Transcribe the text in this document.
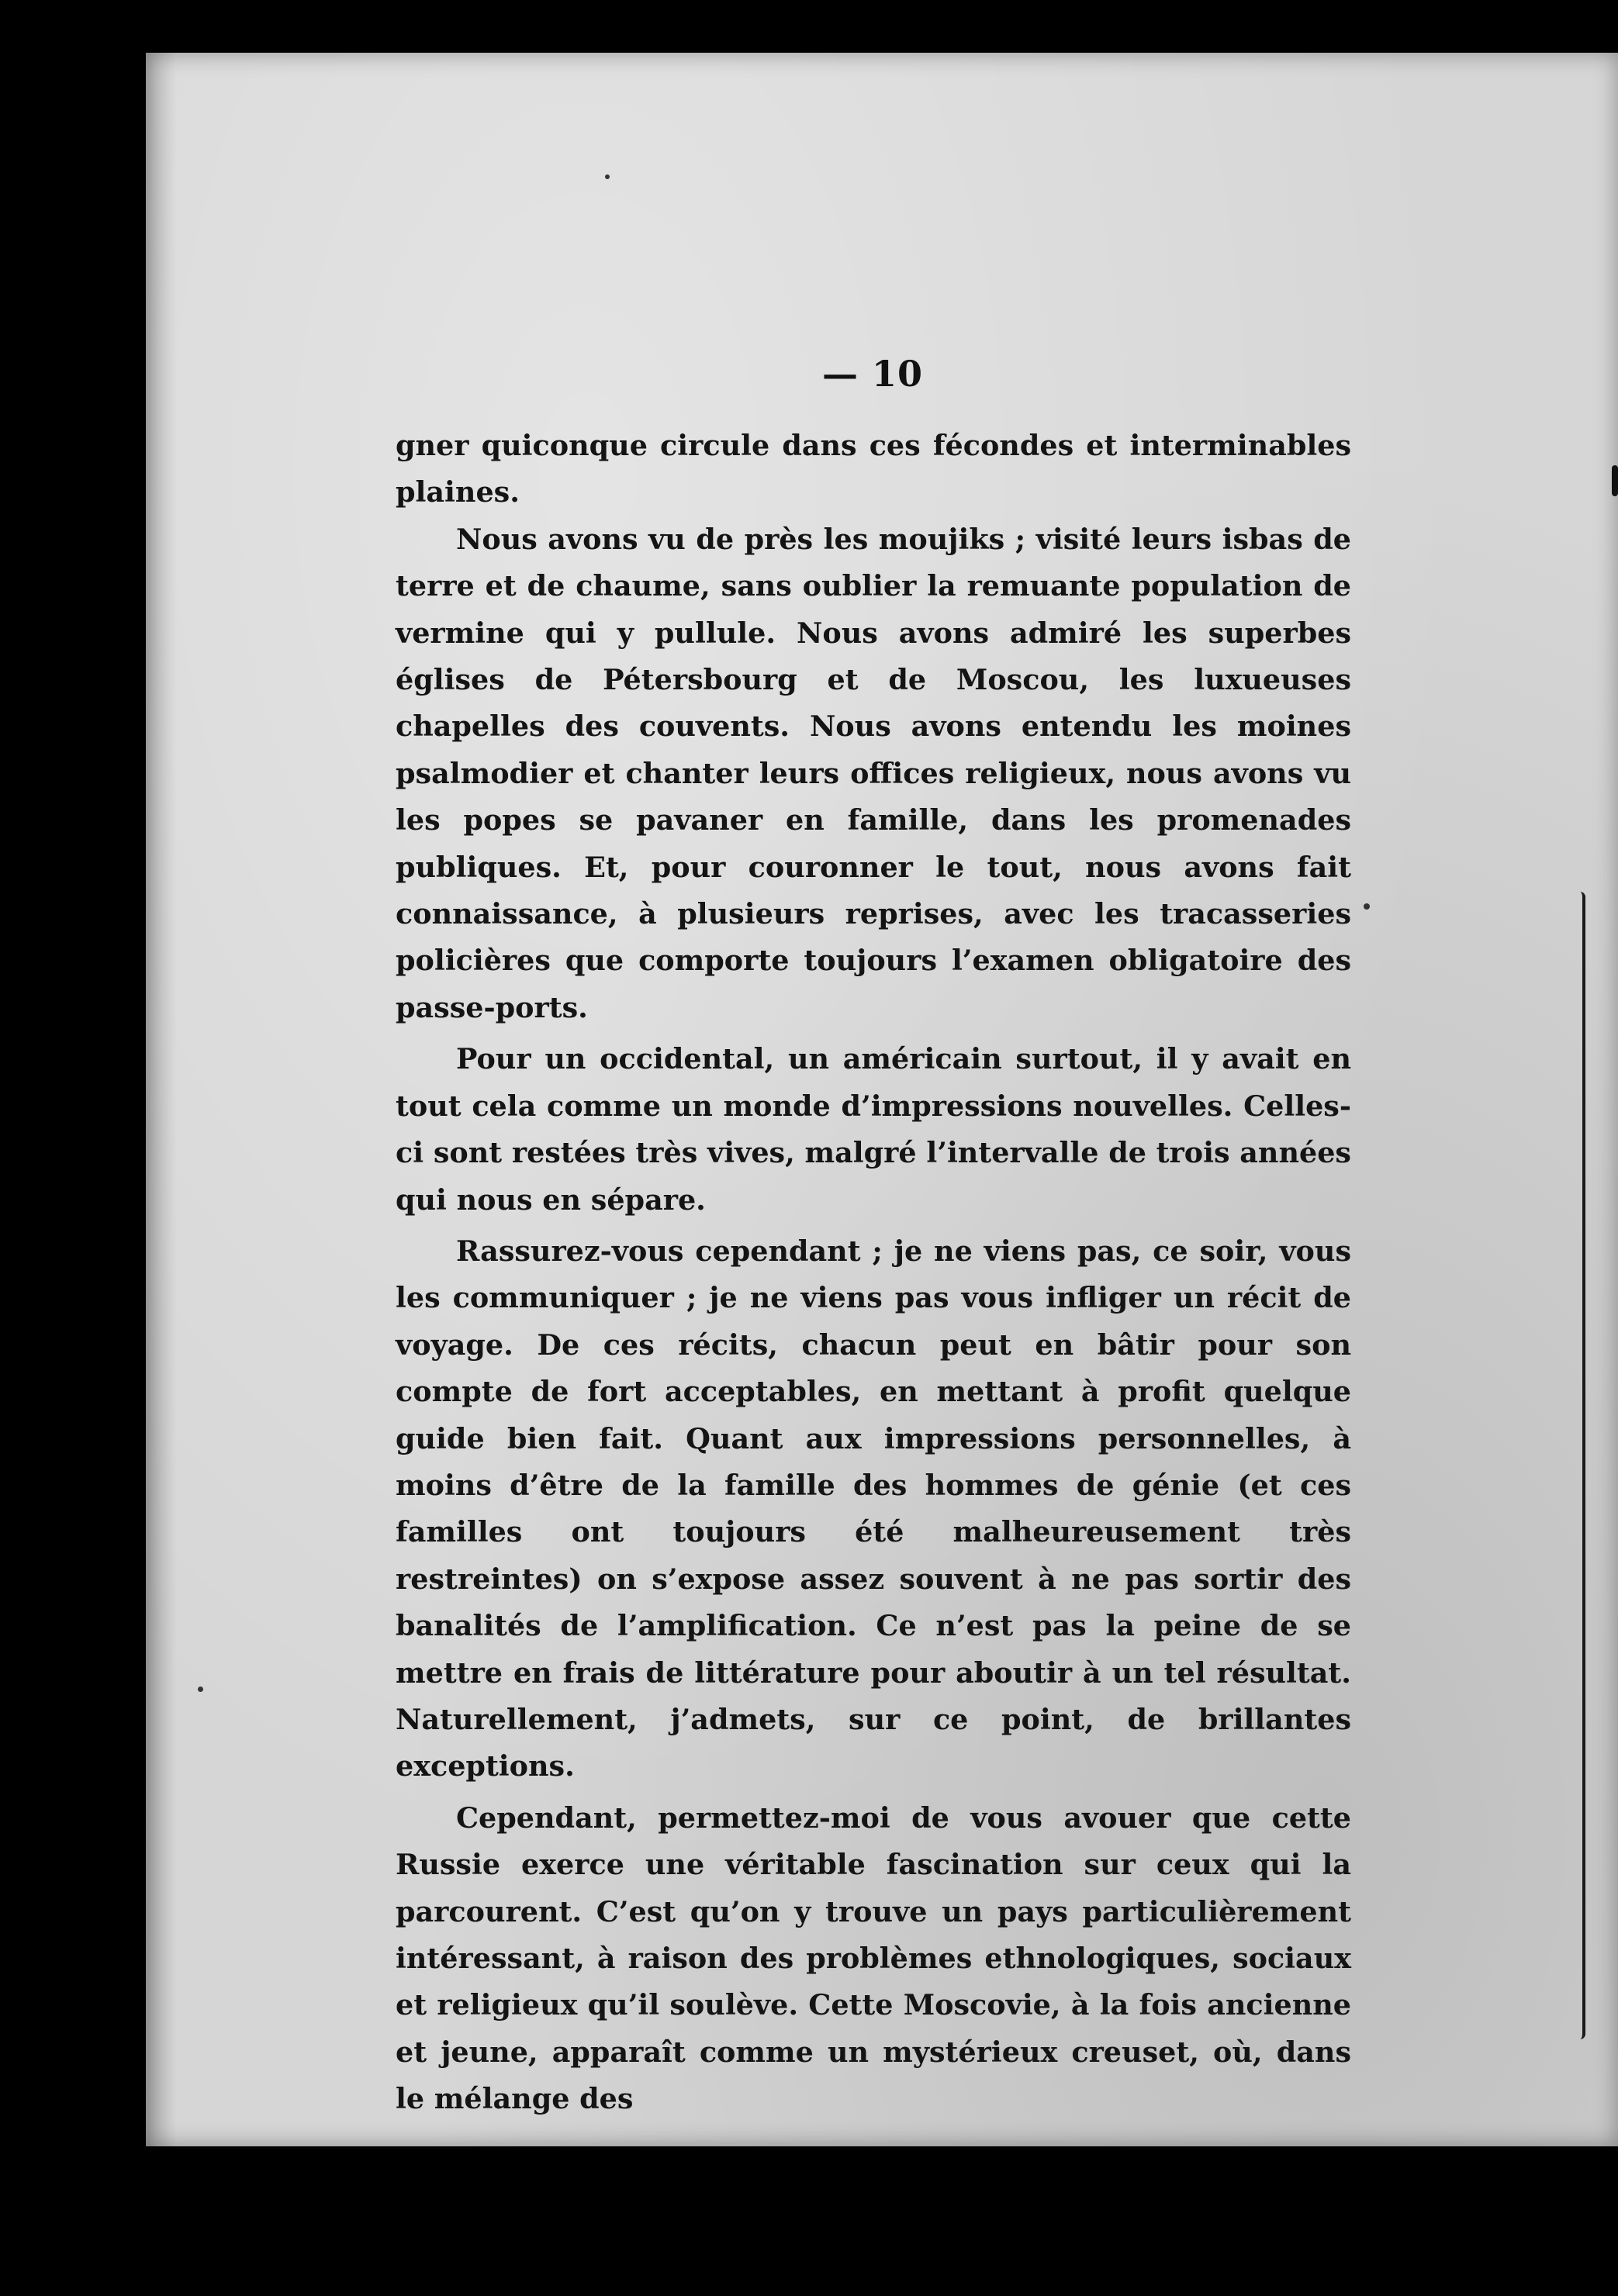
— 10

gner quiconque circule dans ces fécondes et interminables plaines.

Nous avons vu de près les moujiks ; visité leurs isbas de terre et de chaume, sans oublier la remuante population de vermine qui y pullule. Nous avons admiré les superbes églises de Pétersbourg et de Moscou, les luxueuses chapelles des couvents. Nous avons entendu les moines psalmodier et chanter leurs offices religieux, nous avons vu les popes se pavaner en famille, dans les promenades publiques. Et, pour couronner le tout, nous avons fait connaissance, à plusieurs reprises, avec les tracasseries policières que comporte toujours l’examen obligatoire des passe-ports.

Pour un occidental, un américain surtout, il y avait en tout cela comme un monde d’impressions nouvelles. Celles-ci sont restées très vives, malgré l’intervalle de trois années qui nous en sépare.

Rassurez-vous cependant ; je ne viens pas, ce soir, vous les communiquer ; je ne viens pas vous infliger un récit de voyage. De ces récits, chacun peut en bâtir pour son compte de fort acceptables, en mettant à profit quelque guide bien fait. Quant aux impressions personnelles, à moins d’être de la famille des hommes de génie (et ces familles ont toujours été malheureusement très restreintes) on s’expose assez souvent à ne pas sortir des banalités de l’amplification. Ce n’est pas la peine de se mettre en frais de littérature pour aboutir à un tel résultat. Naturellement, j’admets, sur ce point, de brillantes exceptions.

Cependant, permettez-moi de vous avouer que cette Russie exerce une véritable fascination sur ceux qui la parcourent. C’est qu’on y trouve un pays particulièrement intéressant, à raison des problèmes ethnologiques, sociaux et religieux qu’il soulève. Cette Moscovie, à la fois ancienne et jeune, apparaît comme un mystérieux creuset, où, dans le mélange des
